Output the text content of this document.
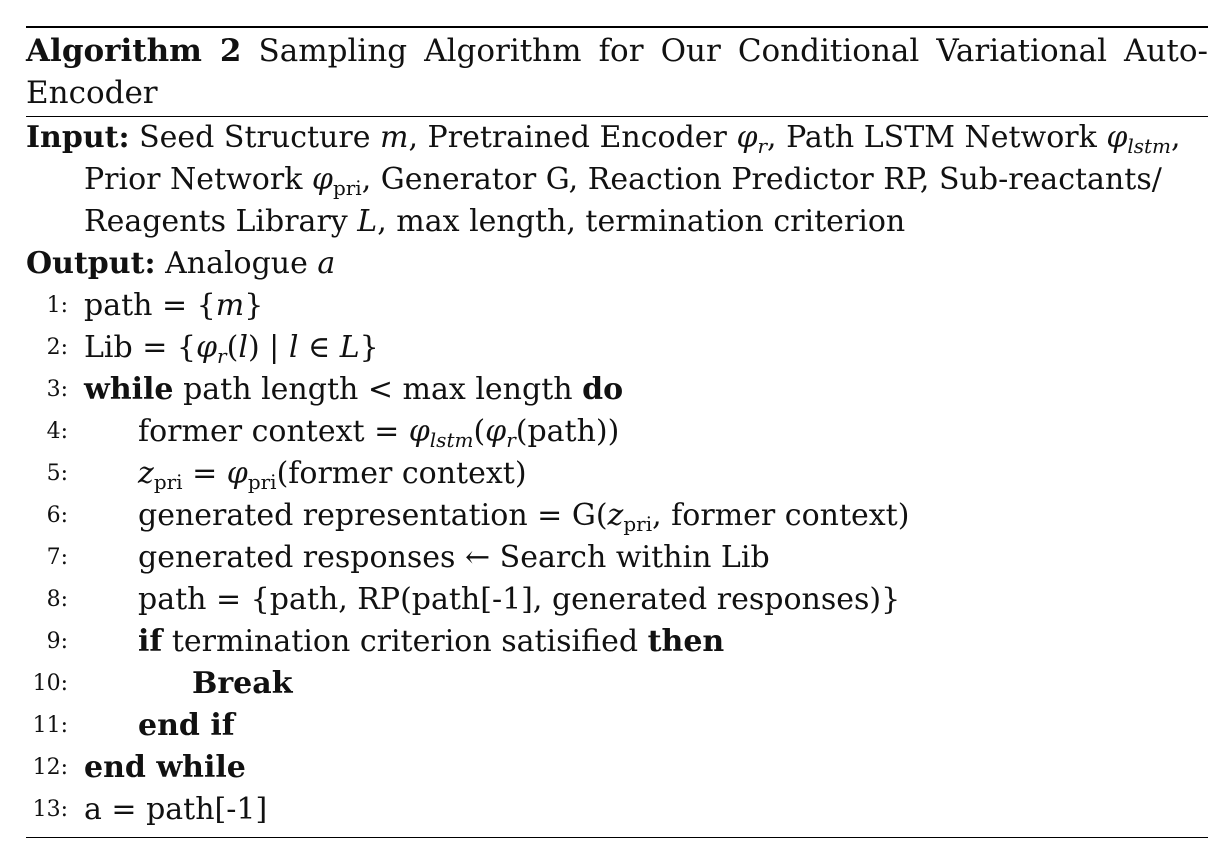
Algorithm 2 Sampling Algorithm for Our Conditional Variational Auto-Encoder
Input: Seed Structure m, Pretrained Encoder $\varphi_r$, Path LSTM Network $\varphi_{lstm}$, Prior Network $\varphi_{pri}$, Generator G, Reaction Predictor RP, Sub-reactants/ Reagents Library L, max length, termination criterion
Output: Analogue a
1: path = {m}
2: Lib = {$\varphi_r(l)$ | l ∈ L}
3: while path length < max length do
4: former context = $\varphi_{lstm}(\varphi_r(path))$
5: $z_{pri}$ = $\varphi_{pri}(former$ context)
6: generated representation = $G(z_{pri}$, former context)
7: generated responses ← Search within Lib
8: path = {path, RP(path[-1], generated responses)}
9: if termination criterion satisified then
10:	Break
11: end if
12: end while
13: a = path[-1]
